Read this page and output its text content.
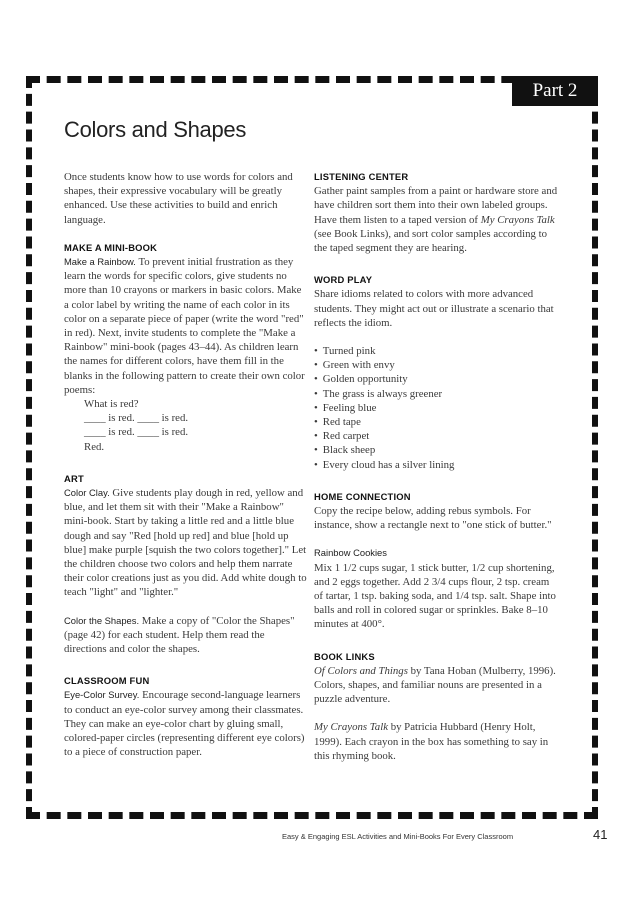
Part 2
Colors and Shapes

Once students know how to use words for colors and shapes, their expressive vocabulary will be greatly enhanced. Use these activities to build and enrich language.

MAKE A MINI-BOOK

Make a Rainbow. To prevent initial frustration as they learn the words for specific colors, give students no more than 10 crayons or markers in basic colors. Make a color label by writing the name of each color in its color on a separate piece of paper (write the word "red" in red). Next, invite students to complete the "Make a Rainbow" mini-book (pages 43–44). As children learn the names for different colors, have them fill in the blanks in the following pattern to create their own color poems:

What is red?
____ is red. ____ is red.
____ is red. ____ is red.
Red.
ART

Color Clay. Give students play dough in red, yellow and blue, and let them sit with their "Make a Rainbow" mini-book. Start by taking a little red and a little blue dough and say "Red [hold up red] and blue [hold up blue] make purple [squish the two colors together]." Let the children choose two colors and help them narrate their color creations just as you did. Add white dough to teach "light" and "lighter."

Color the Shapes. Make a copy of "Color the Shapes" (page 42) for each student. Help them read the directions and color the shapes.

CLASSROOM FUN

Eye-Color Survey. Encourage second-language learners to conduct an eye-color survey among their classmates. They can make an eye-color chart by gluing small, colored-paper circles (representing different eye colors) to a piece of construction paper.

LISTENING CENTER

Gather paint samples from a paint or hardware store and have children sort them into their own labeled groups. Have them listen to a taped version of My Crayons Talk (see Book Links), and sort color samples according to the taped segment they are hearing.

WORD PLAY

Share idioms related to colors with more advanced students. They might act out or illustrate a scenario that reflects the idiom.

• Turned pink
• Green with envy
• Golden opportunity
• The grass is always greener
• Feeling blue
• Red tape
• Red carpet
• Black sheep
• Every cloud has a silver lining
HOME CONNECTION

Copy the recipe below, adding rebus symbols. For instance, show a rectangle next to "one stick of butter."

Rainbow Cookies

Mix 1 1/2 cups sugar, 1 stick butter, 1/2 cup shortening, and 2 eggs together. Add 2 3/4 cups flour, 2 tsp. cream of tartar, 1 tsp. baking soda, and 1/4 tsp. salt. Shape into balls and roll in colored sugar or sprinkles. Bake 8–10 minutes at 400°.

BOOK LINKS

Of Colors and Things by Tana Hoban (Mulberry, 1996). Colors, shapes, and familiar nouns are presented in a puzzle adventure.

My Crayons Talk by Patricia Hubbard (Henry Holt, 1999). Each crayon in the box has something to say in this rhyming book.

Easy & Engaging ESL Activities and Mini-Books For Every Classroom	41
